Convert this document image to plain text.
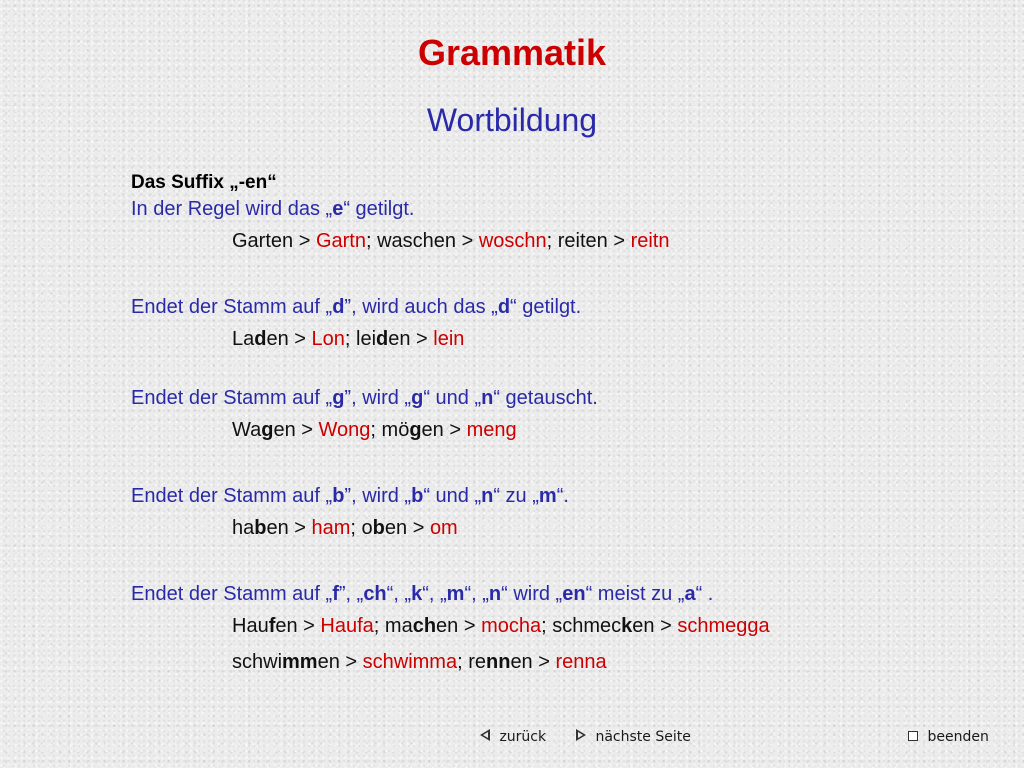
Grammatik
Wortbildung
Das Suffix „-en“
In der Regel wird das „e“ getilgt.
Garten > Gartn; waschen > woschn; reiten > reitn
Endet der Stamm auf „d”, wird auch das „d“ getilgt.
Laden > Lon; leiden > lein
Endet der Stamm auf „g”, wird „g“ und „n“ getauscht.
Wagen > Wong; mögen > meng
Endet der Stamm auf „b”, wird „b“ und „n“ zu „m“.
haben > ham; oben > om
Endet der Stamm auf „f”, „ch“, „k“, „m“, „n“ wird „en“ meist zu „a“ .
Haufen > Haufa; machen > mocha; schmecken > schmegga
schwimmen > schwimma; rennen > renna
zurück	nächste Seite	beenden
